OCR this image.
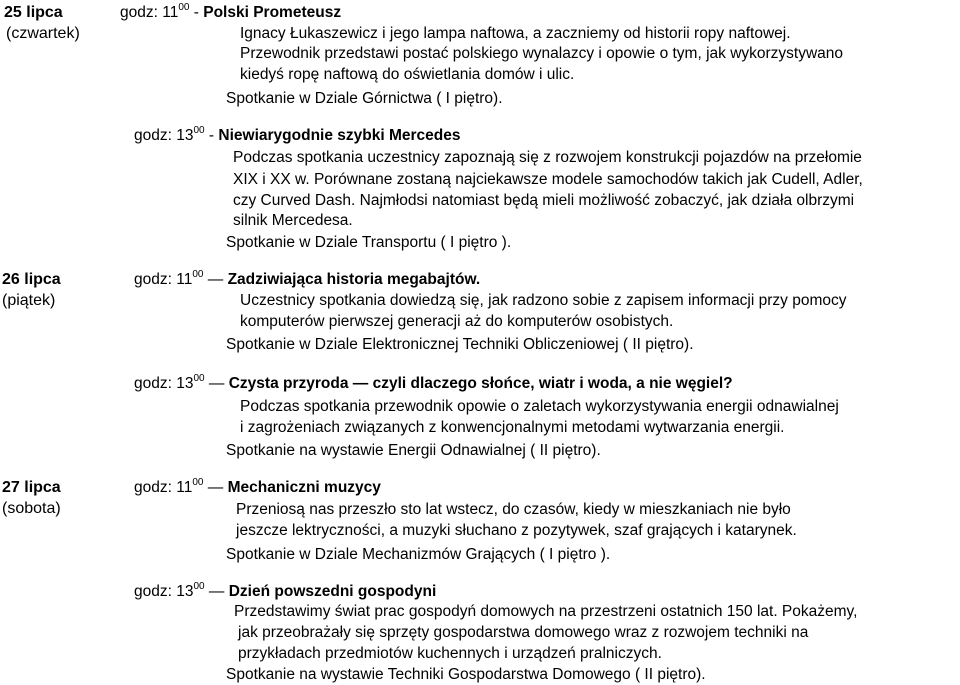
25 lipca
(czwartek)
godz: $11^{00}$ - Polski Prometeusz
Ignacy Łukaszewicz i jego lampa naftowa, a zaczniemy od historii ropy naftowej.
Przewodnik przedstawi postać polskiego wynalazcy i opowie o tym, jak wykorzystywano
kiedyś ropę naftową do oświetlania domów i ulic.
Spotkanie w Dziale Górnictwa ( I piętro).
godz: $13^{00}$ - Niewiarygodnie szybki Mercedes
Podczas spotkania uczestnicy zapoznają się z rozwojem konstrukcji pojazdów na przełomie
XIX i XX w. Porównane zostaną najciekawsze modele samochodów takich jak Cudell, Adler,
czy Curved Dash. Najmłodsi natomiast będą mieli możliwość zobaczyć, jak działa olbrzymi
silnik Mercedesa.
Spotkanie w Dziale Transportu ( I piętro ).
26 lipca
(piątek)
godz: $11^{00}$ — Zadziwiająca historia megabajtów.
Uczestnicy spotkania dowiedzą się, jak radzono sobie z zapisem informacji przy pomocy
komputerów pierwszej generacji aż do komputerów osobistych.
Spotkanie w Dziale Elektronicznej Techniki Obliczeniowej ( II piętro).
godz: $13^{00}$ — Czysta przyroda — czyli dlaczego słońce, wiatr i woda, a nie węgiel?
Podczas spotkania przewodnik opowie o zaletach wykorzystywania energii odnawialnej
i zagrożeniach związanych z konwencjonalnymi metodami wytwarzania energii.
Spotkanie na wystawie Energii Odnawialnej ( II piętro).
27 lipca
(sobota)
godz: $11^{00}$ — Mechaniczni muzycy
Przeniosą nas przeszło sto lat wstecz, do czasów, kiedy w mieszkaniach nie było
jeszcze lektryczności, a muzyki słuchano z pozytywek, szaf grających i katarynek.
Spotkanie w Dziale Mechanizmów Grających ( I piętro ).
godz: $13^{00}$ — Dzień powszedni gospodyni
Przedstawimy świat prac gospodyń domowych na przestrzeni ostatnich 150 lat. Pokażemy,
jak przeobrażały się sprzęty gospodarstwa domowego wraz z rozwojem techniki na
przykładach przedmiotów kuchennych i urządzeń pralniczych.
Spotkanie na wystawie Techniki Gospodarstwa Domowego ( II piętro).
